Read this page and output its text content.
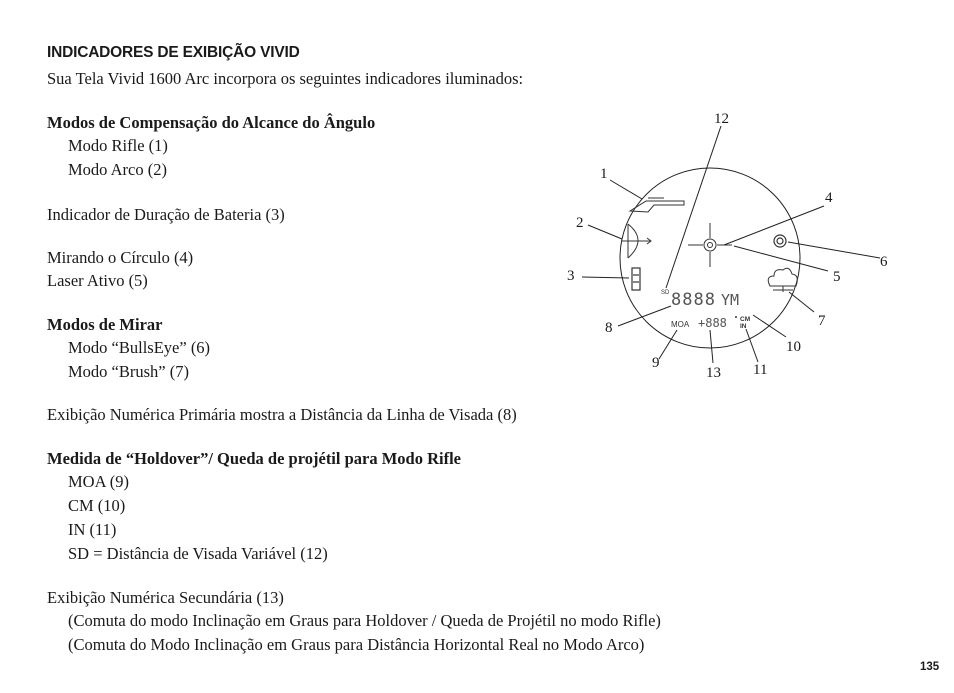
INDICADORES DE EXIBIÇÃO VIVID
Sua Tela Vivid 1600 Arc incorpora os seguintes indicadores iluminados:
Modos de Compensação do Alcance do Ângulo
Modo Rifle (1)
Modo Arco (2)
Indicador de Duração de Bateria (3)
Mirando o Círculo (4)
Laser Ativo (5)
Modos de Mirar
Modo “BullsEye” (6)
Modo “Brush” (7)
Exibição Numérica Primária mostra a Distância da Linha de Visada (8)
Medida de “Holdover”/ Queda de projétil para Modo Rifle
MOA (9)
CM (10)
IN (11)
SD = Distância de Visada Variável (12)
Exibição Numérica Secundária (13)
(Comuta do modo Inclinação em Graus para Holdover / Queda de Projétil no modo Rifle)
(Comuta do Modo Inclinação em Graus para Distância Horizontal Real no Modo Arco)
135
SD 8888 YM
MOA +888 CM
IN
1
2
3
4
5
6
7
8
9
10
11
12
13
